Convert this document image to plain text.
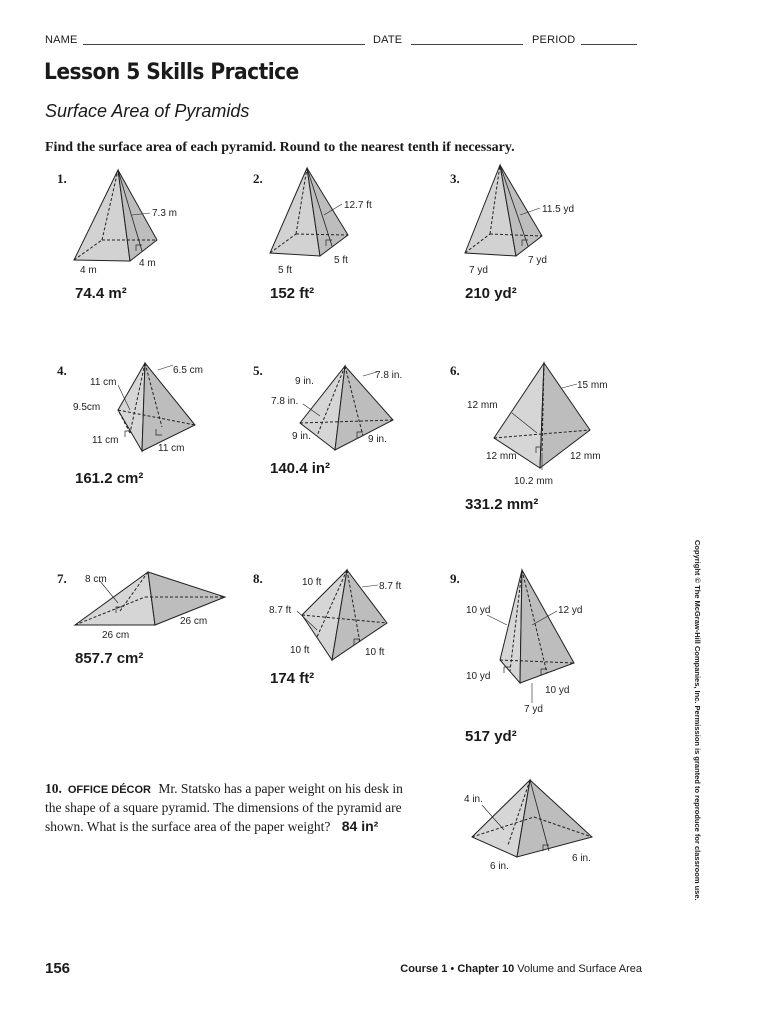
NAME	DATE	PERIOD
Lesson 5 Skills Practice
Surface Area of Pyramids
Find the surface area of each pyramid. Round to the nearest tenth if necessary.
1.
7.3 m
4 m
4 m
74.4 m²
2.
12.7 ft
5 ft
5 ft
152 ft²
3.
11.5 yd
7 yd
7 yd
210 yd²
4.	6.5 cm
11 cm
9.5cm
11 cm
11 cm
161.2 cm²
5.
9 in.
7.8 in.
7.8 in.
9 in.	9 in.
140.4 in²
6.
15 mm
12 mm
12 mm	12 mm
10.2 mm
331.2 mm²
7. 8 cm
26 cm
26 cm
857.7 cm²
8.	10 ft	8.7 ft
8.7 ft
10 ft	10 ft
174 ft²
9.
10 yd	12 yd
10 yd
10 yd
7 yd
517 yd²
10. OFFICE DÉCOR Mr. Statsko has a paper weight on his desk in the shape of a square pyramid. The dimensions of the pyramid are shown. What is the surface area of the paper weight? 84 in²
4 in.
6 in.
6 in.	Copyright © The McGraw-Hill Companies, Inc. Permission is granted to reproduce for classroom use.
156	Course 1 • Chapter 10 Volume and Surface Area
